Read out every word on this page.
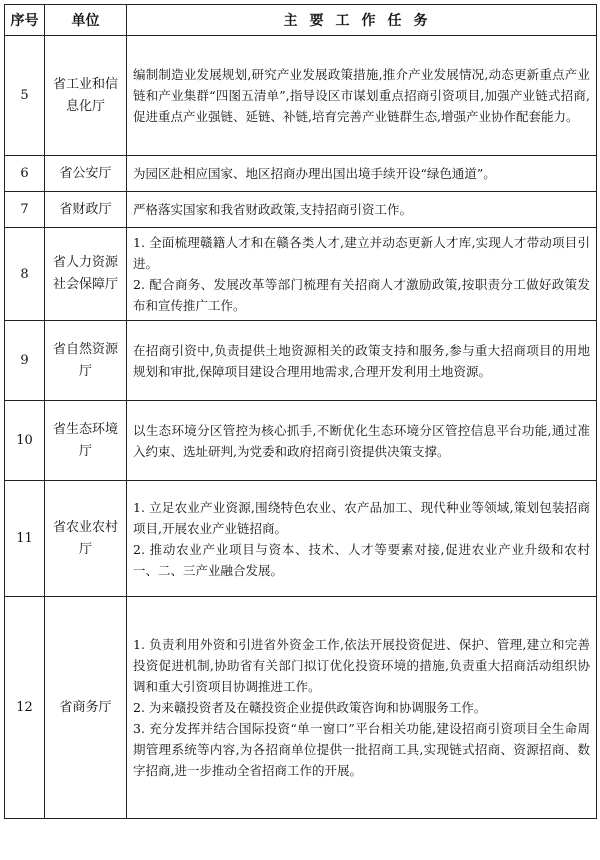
序号	单位	主要工作任务
5	省工业和信息化厅	编制制造业发展规划,研究产业发展政策措施,推介产业发展情况,动态更新重点产业链和产业集群“四图五清单”,指导设区市谋划重点招商引资项目,加强产业链式招商,促进重点产业强链、延链、补链,培育完善产业链群生态,增强产业协作配套能力。

6	省公安厅	为园区赴相应国家、地区招商办理出国出境手续开设“绿色通道”。

7	省财政厅	严格落实国家和我省财政政策,支持招商引资工作。

8	省人力资源社会保障厅	1. 全面梳理赣籍人才和在赣各类人才,建立并动态更新人才库,实现人才带动项目引进。
2. 配合商务、发展改革等部门梳理有关招商人才激励政策,按职责分工做好政策发布和宣传推广工作。

9	省自然资源厅	在招商引资中,负责提供土地资源相关的政策支持和服务,参与重大招商项目的用地规划和审批,保障项目建设合理用地需求,合理开发利用土地资源。

10	省生态环境厅	以生态环境分区管控为核心抓手,不断优化生态环境分区管控信息平台功能,通过准入约束、选址研判,为党委和政府招商引资提供决策支撑。

11	省农业农村厅	1. 立足农业产业资源,围绕特色农业、农产品加工、现代种业等领域,策划包装招商项目,开展农业产业链招商。
2. 推动农业产业项目与资本、技术、人才等要素对接,促进农业产业升级和农村一、二、三产业融合发展。

12	省商务厅	1. 负责利用外资和引进省外资金工作,依法开展投资促进、保护、管理,建立和完善投资促进机制,协助省有关部门拟订优化投资环境的措施,负责重大招商活动组织协调和重大引资项目协调推进工作。
2. 为来赣投资者及在赣投资企业提供政策咨询和协调服务工作。
3. 充分发挥并结合国际投资“单一窗口”平台相关功能,建设招商引资项目全生命周期管理系统等内容,为各招商单位提供一批招商工具,实现链式招商、资源招商、数字招商,进一步推动全省招商工作的开展。
